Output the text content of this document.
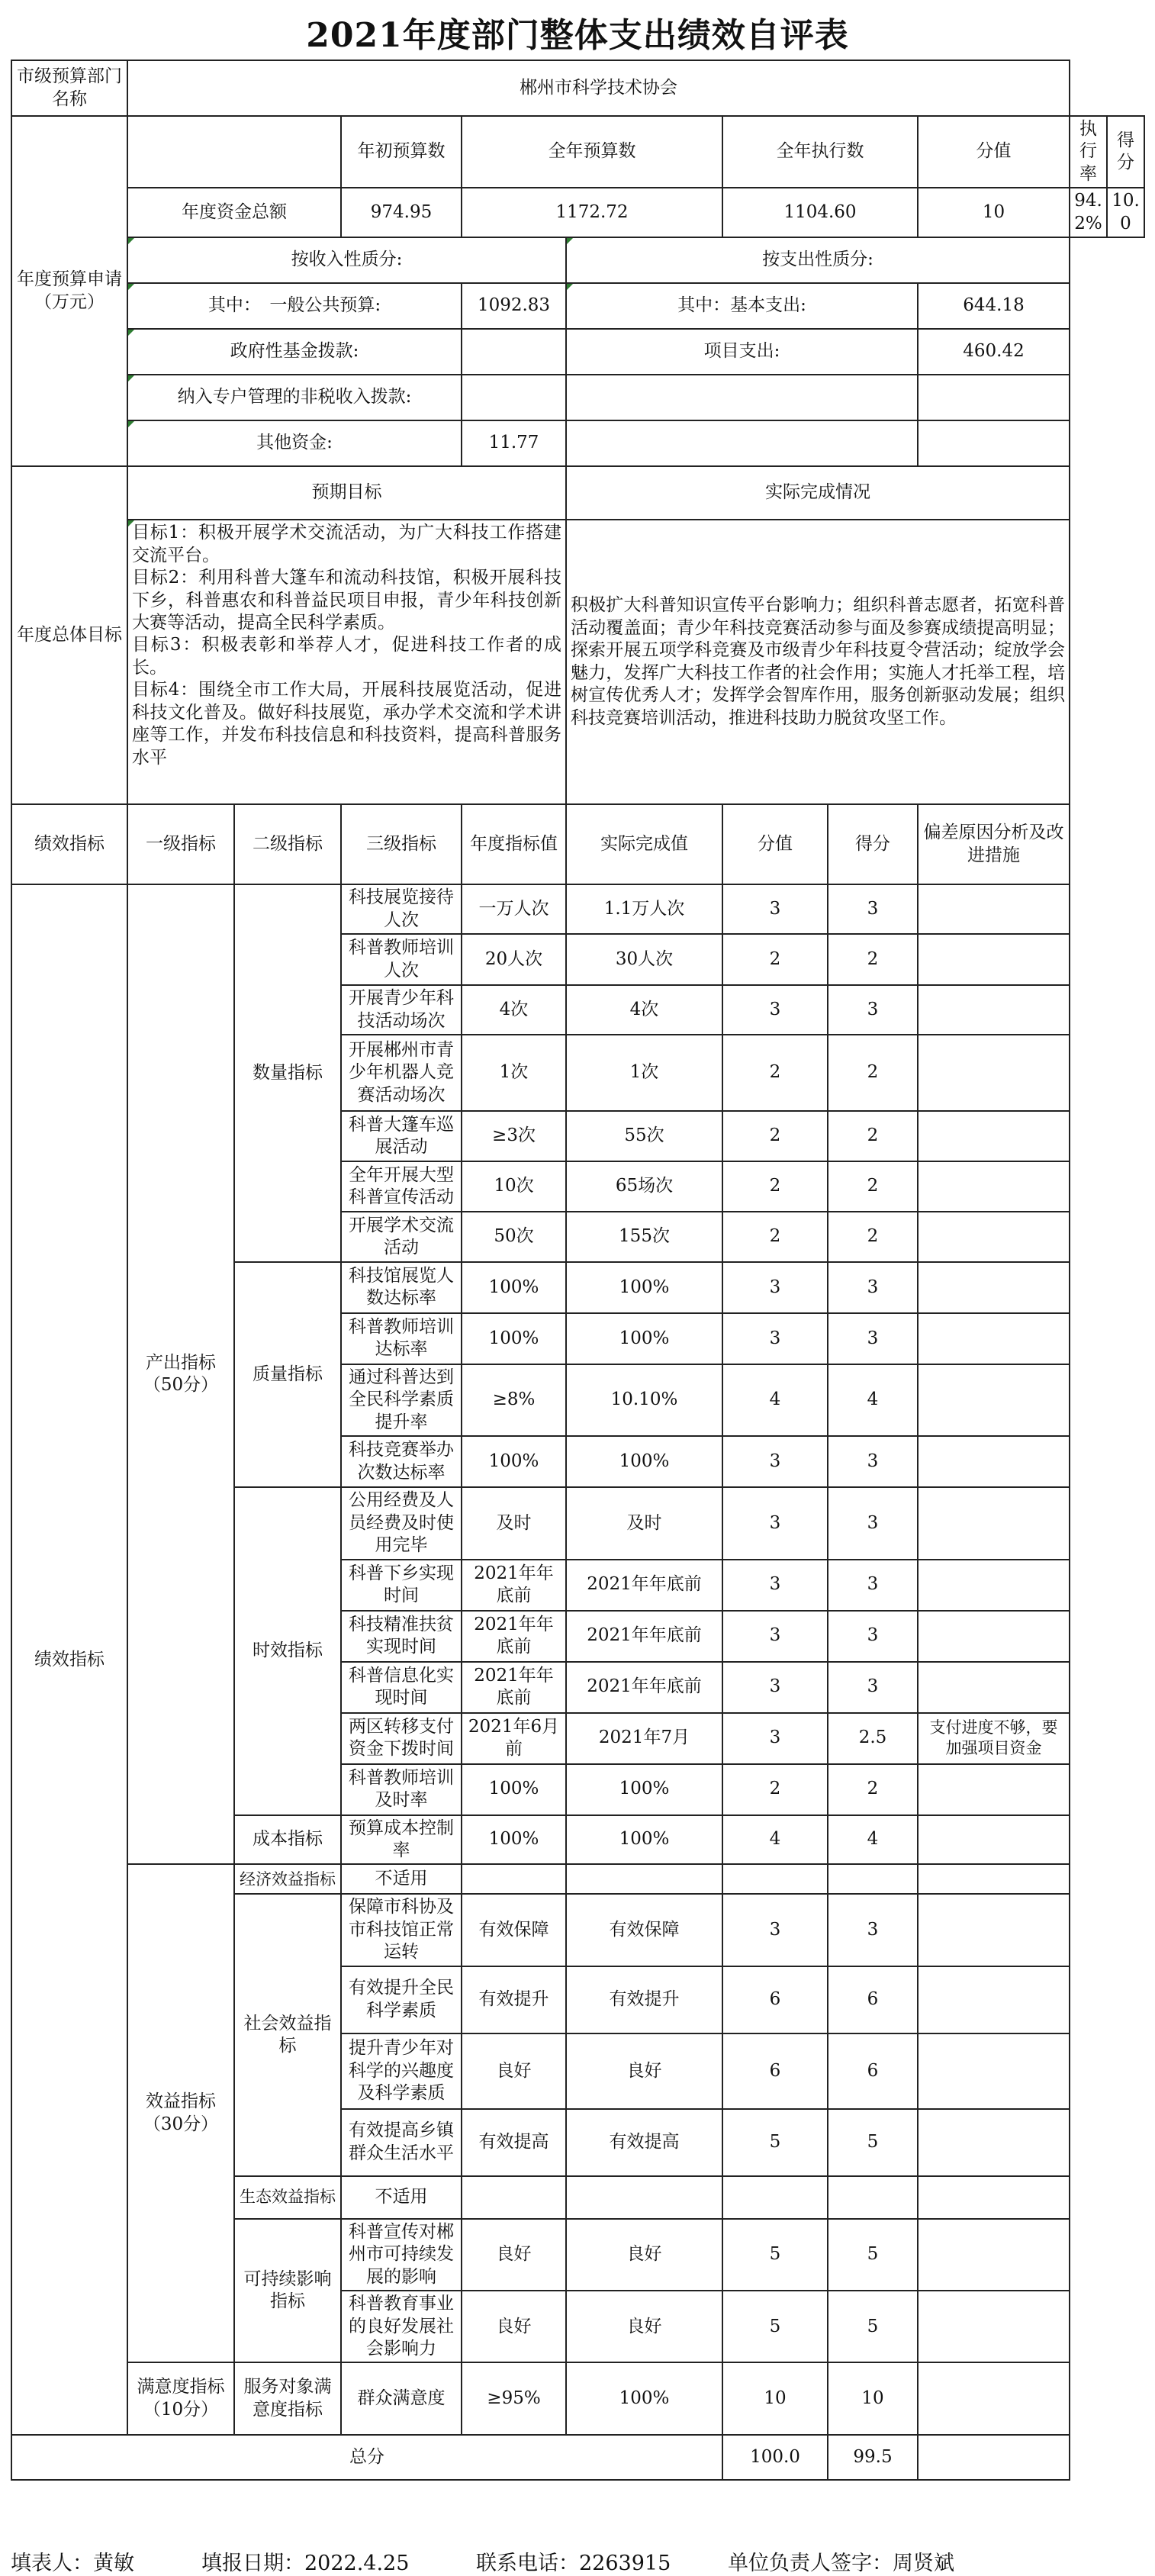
2021年度部门整体支出绩效自评表
市级预算部门名称	郴州市科学技术协会									
年度预算申请（万元）			年初预算数	全年预算数		全年执行数		分值	执行率	得分
	年度资金总额		974.95	1172.72		1104.60		10	94.2%	10.0
	按收入性质分:				按支出性质分:					
	其中：　一般公共预算:			1092.83	其中：基本支出:			644.18		
	政府性基金拨款:				项目支出:			460.42		
	纳入专户管理的非税收入拨款:									
	其他资金:			11.77						
年度总体目标	预期目标				实际完成情况					

	目标1：积极开展学术交流活动，为广大科技工作搭建交流平台。
目标2：利用科普大篷车和流动科技馆，积极开展科技下乡，科普惠农和科普益民项目申报，青少年科技创新大赛等活动，提高全民科学素质。
目标3：积极表彰和举荐人才，促进科技工作者的成长。
目标4：围绕全市工作大局，开展科技展览活动，促进科技文化普及。做好科技展览，承办学术交流和学术讲座等工作，并发布科技信息和科技资料，提高科普服务水平				积极扩大科普知识宣传平台影响力；组织科普志愿者，拓宽科普活动覆盖面；青少年科技竞赛活动参与面及参赛成绩提高明显；探索开展五项学科竞赛及市级青少年科技夏令营活动；绽放学会魅力，发挥广大科技工作者的社会作用；实施人才托举工程，培树宣传优秀人才；发挥学会智库作用，服务创新驱动发展；组织科技竞赛培训活动，推进科技助力脱贫攻坚工作。					
绩效指标	一级指标	二级指标	三级指标	年度指标值	实际完成值	分值	得分	偏差原因分析及改进措施		
绩效指标	产出指标（50分）	数量指标	科技展览接待人次	一万人次	1.1万人次	3	3			
			科普教师培训人次	20人次	30人次	2	2			
			开展青少年科技活动场次	4次	4次	3	3			
			开展郴州市青少年机器人竞赛活动场次	1次	1次	2	2			
			科普大篷车巡展活动	≥3次	55次	2	2			
			全年开展大型科普宣传活动	10次	65场次	2	2			
			开展学术交流活动	50次	155次	2	2			
		质量指标	科技馆展览人数达标率	100%	100%	3	3			
			科普教师培训达标率	100%	100%	3	3			
			通过科普达到全民科学素质提升率	≥8%	10.10%	4	4			
			科技竞赛举办次数达标率	100%	100%	3	3			
		时效指标	公用经费及人员经费及时使用完毕	及时	及时	3	3			
			科普下乡实现时间	2021年年底前	2021年年底前	3	3			
			科技精准扶贫实现时间	2021年年底前	2021年年底前	3	3			
			科普信息化实现时间	2021年年底前	2021年年底前	3	3			
			两区转移支付资金下拨时间	2021年6月前	2021年7月	3	2.5	支付进度不够，要加强项目资金		
			科普教师培训及时率	100%	100%	2	2			
		成本指标	预算成本控制率	100%	100%	4	4			
	效益指标（30分）	经济效益指标	不适用							
		社会效益指标	保障市科协及市科技馆正常运转	有效保障	有效保障	3	3			
			有效提升全民科学素质	有效提升	有效提升	6	6			
			提升青少年对科学的兴趣度及科学素质	良好	良好	6	6			
			有效提高乡镇群众生活水平	有效提高	有效提高	5	5			
		生态效益指标	不适用							
		可持续影响指标	科普宣传对郴州市可持续发展的影响	良好	良好	5	5			
			科普教育事业的良好发展社会影响力	良好	良好	5	5			
	满意度指标（10分）	服务对象满意度指标	群众满意度	≥95%	100%	10	10			
总分						100.0	99.5			
填表人：黄敏	填报日期：2022.4.25	联系电话：2263915	单位负责人签字：周贤斌
